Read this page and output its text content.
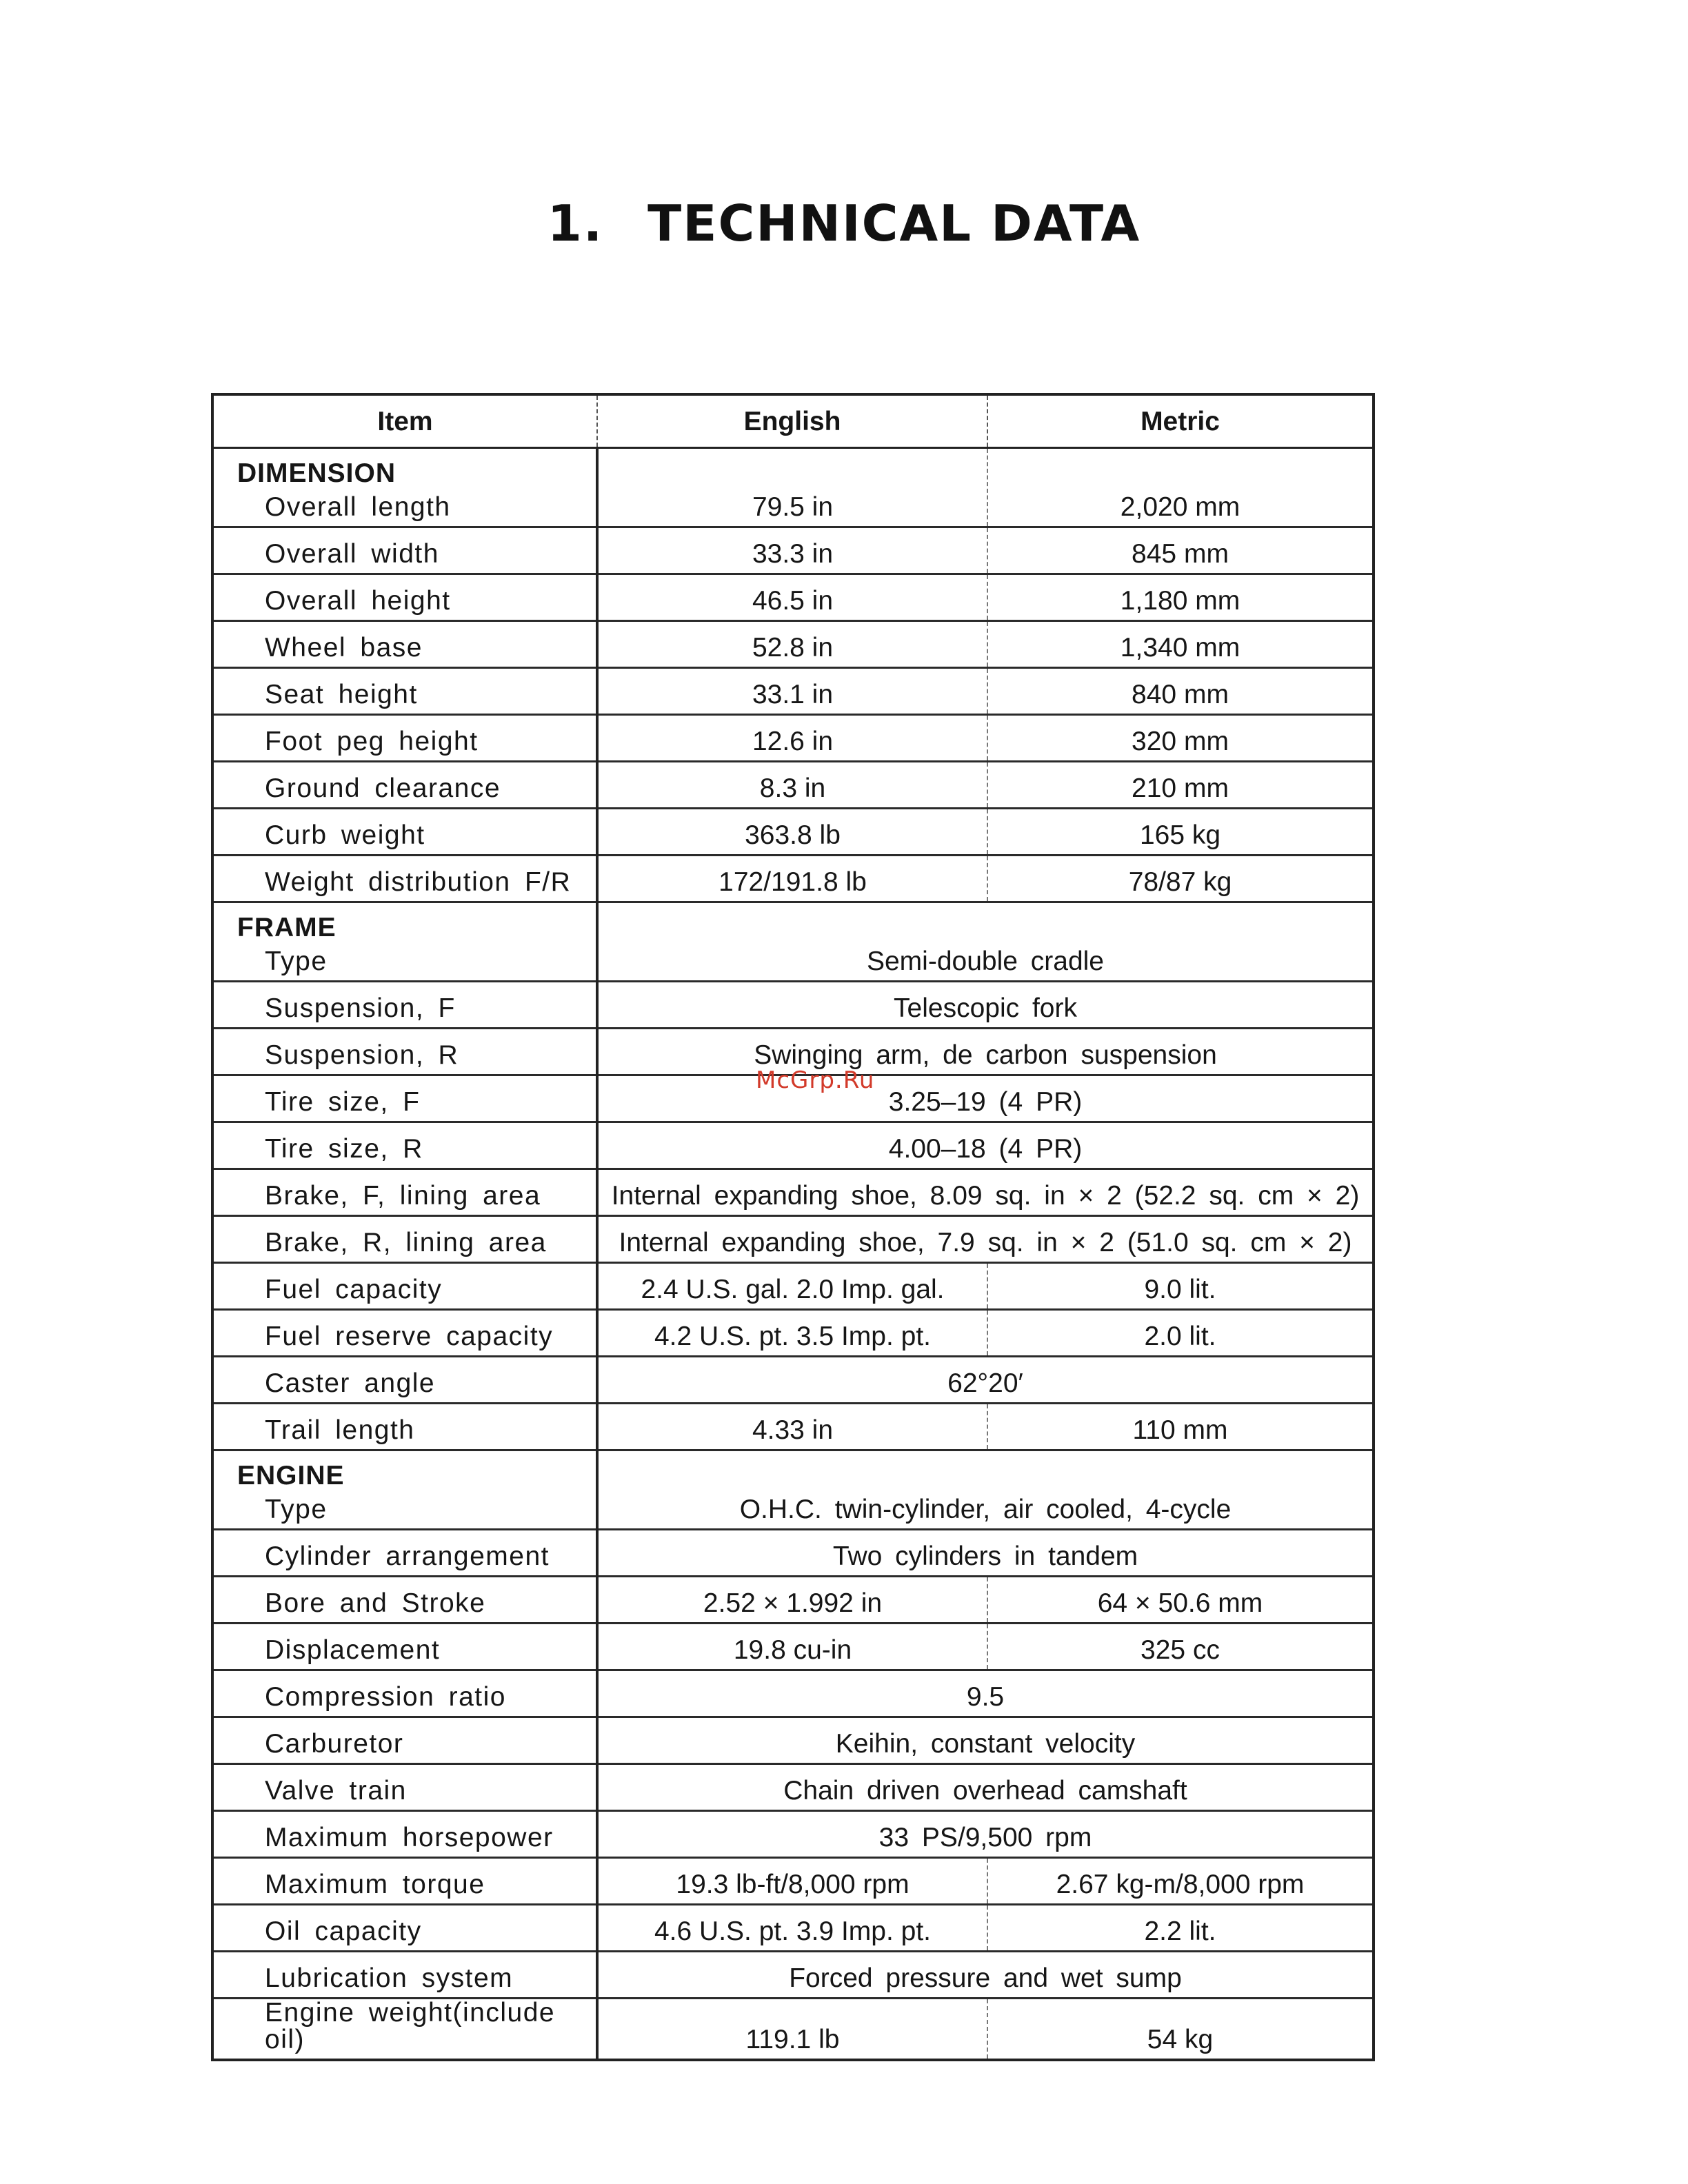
1. TECHNICAL DATA
Item	English	Metric

DIMENSION
Overall length	79.5 in	2,020 mm
Overall width	33.3 in	845 mm
Overall height	46.5 in	1,180 mm
Wheel base	52.8 in	1,340 mm
Seat height	33.1 in	840 mm
Foot peg height	12.6 in	320 mm
Ground clearance	8.3 in	210 mm
Curb weight	363.8 lb	165 kg
Weight distribution F/R	172/191.8 lb	78/87 kg

FRAME
Type	Semi-double cradle	
Suspension, F	Telescopic fork	
Suspension, R	Swinging arm, de carbon suspension	
Tire size, F	3.25–19 (4 PR)	
Tire size, R	4.00–18 (4 PR)	
Brake, F, lining area	Internal expanding shoe, 8.09 sq. in × 2 (52.2 sq. cm × 2)	
Brake, R, lining area	Internal expanding shoe, 7.9 sq. in × 2 (51.0 sq. cm × 2)	
Fuel capacity	2.4 U.S. gal. 2.0 Imp. gal.	9.0 lit.
Fuel reserve capacity	4.2 U.S. pt. 3.5 Imp. pt.	2.0 lit.
Caster angle	62°20′	
Trail length	4.33 in	110 mm

ENGINE
Type	O.H.C. twin-cylinder, air cooled, 4-cycle	
Cylinder arrangement	Two cylinders in tandem	
Bore and Stroke	2.52 × 1.992 in	64 × 50.6 mm
Displacement	19.8 cu-in	325 cc
Compression ratio	9.5	
Carburetor	Keihin, constant velocity	
Valve train	Chain driven overhead camshaft	
Maximum horsepower	33 PS/9,500 rpm	
Maximum torque	19.3 lb-ft/8,000 rpm	2.67 kg-m/8,000 rpm
Oil capacity	4.6 U.S. pt. 3.9 Imp. pt.	2.2 lit.
Lubrication system	Forced pressure and wet sump	
Engine weight(include oil)	119.1 lb	54 kg
McGrp.Ru
